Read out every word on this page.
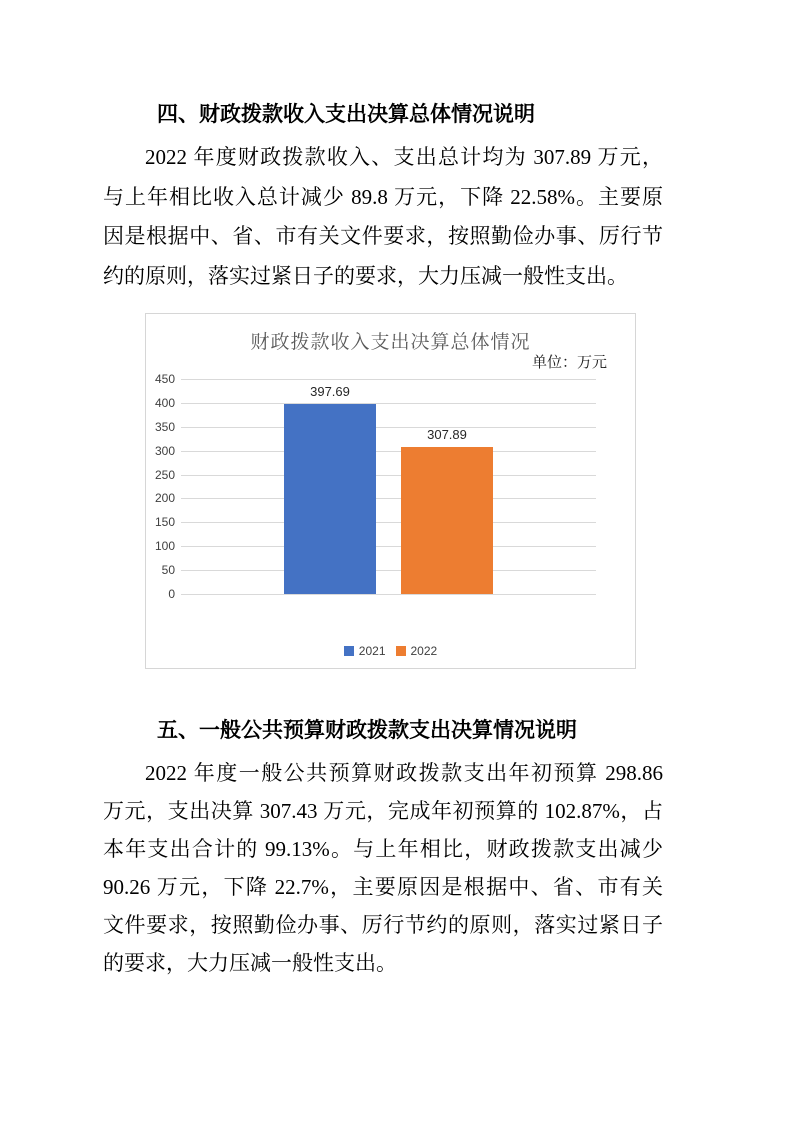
四、财政拨款收入支出决算总体情况说明
2022 年度财政拨款收入、支出总计均为 307.89 万元，
与上年相比收入总计减少 89.8 万元，下降 22.58%。主要原
因是根据中、省、市有关文件要求，按照勤俭办事、厉行节
约的原则，落实过紧日子的要求，大力压减一般性支出。
财政拨款收入支出决算总体情况
单位：万元
0
50
100
150
200
250
300
350
400
450
397.69
307.89
2021 2022
五、一般公共预算财政拨款支出决算情况说明
2022 年度一般公共预算财政拨款支出年初预算 298.86
万元，支出决算 307.43 万元，完成年初预算的 102.87%，占
本年支出合计的 99.13%。与上年相比，财政拨款支出减少
90.26 万元，下降 22.7%，主要原因是根据中、省、市有关
文件要求，按照勤俭办事、厉行节约的原则，落实过紧日子
的要求，大力压减一般性支出。
